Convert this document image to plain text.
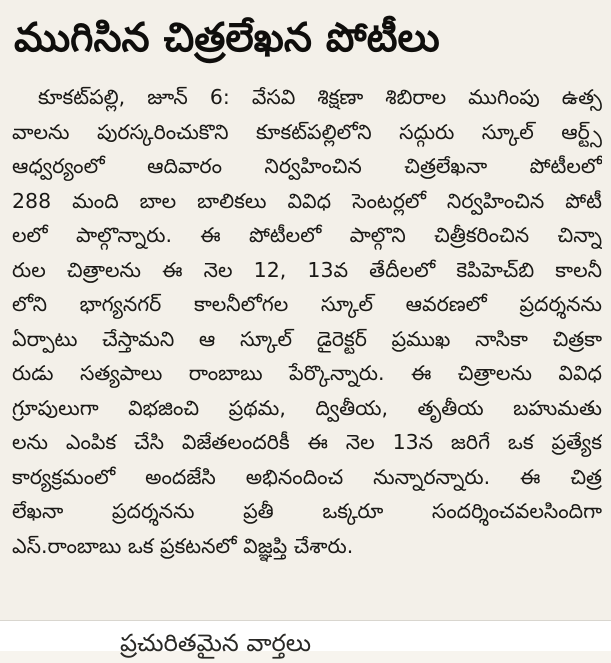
ముగిసిన చిత్రలేఖన పోటీలు
కూకట్‌పల్లి, జూన్ 6: వేసవి శిక్షణా శిబిరాల ముగింపు ఉత్స
వాలను పురస్కరించుకొని కూకట్‌పల్లిలోని సద్గురు స్కూల్ ఆర్ట్స్
ఆధ్వర్యంలో ఆదివారం నిర్వహించిన చిత్రలేఖనా పోటీలలో
288 మంది బాల బాలికలు వివిధ సెంటర్లలో నిర్వహించిన పోటీ
లలో పాల్గొన్నారు. ఈ పోటీలలో పాల్గొని చిత్రీకరించిన చిన్నా
రుల చిత్రాలను ఈ నెల 12, 13వ తేదీలలో కెపిహెచ్‌బి కాలనీ
లోని భాగ్యనగర్ కాలనీలోగల స్కూల్ ఆవరణలో ప్రదర్శనను
ఏర్పాటు చేస్తామని ఆ స్కూల్ డైరెక్టర్ ప్రముఖ నాసికా చిత్రకా
రుడు సత్యపాలు రాంబాబు పేర్కొన్నారు. ఈ చిత్రాలను వివిధ
గ్రూపులుగా విభజించి ప్రథమ, ద్వితీయ, తృతీయ బహుమతు
లను ఎంపిక చేసి విజేతలందరికీ ఈ నెల 13న జరిగే ఒక ప్రత్యేక
కార్యక్రమంలో అందజేసి అభినందించ నున్నారన్నారు. ఈ చిత్ర
లేఖనా ప్రదర్శనను ప్రతీ ఒక్కరూ సందర్శించవలసిందిగా
ఎస్.రాంబాబు ఒక ప్రకటనలో విజ్ఞప్తి చేశారు.
ప్రచురితమైన వార్తలు
